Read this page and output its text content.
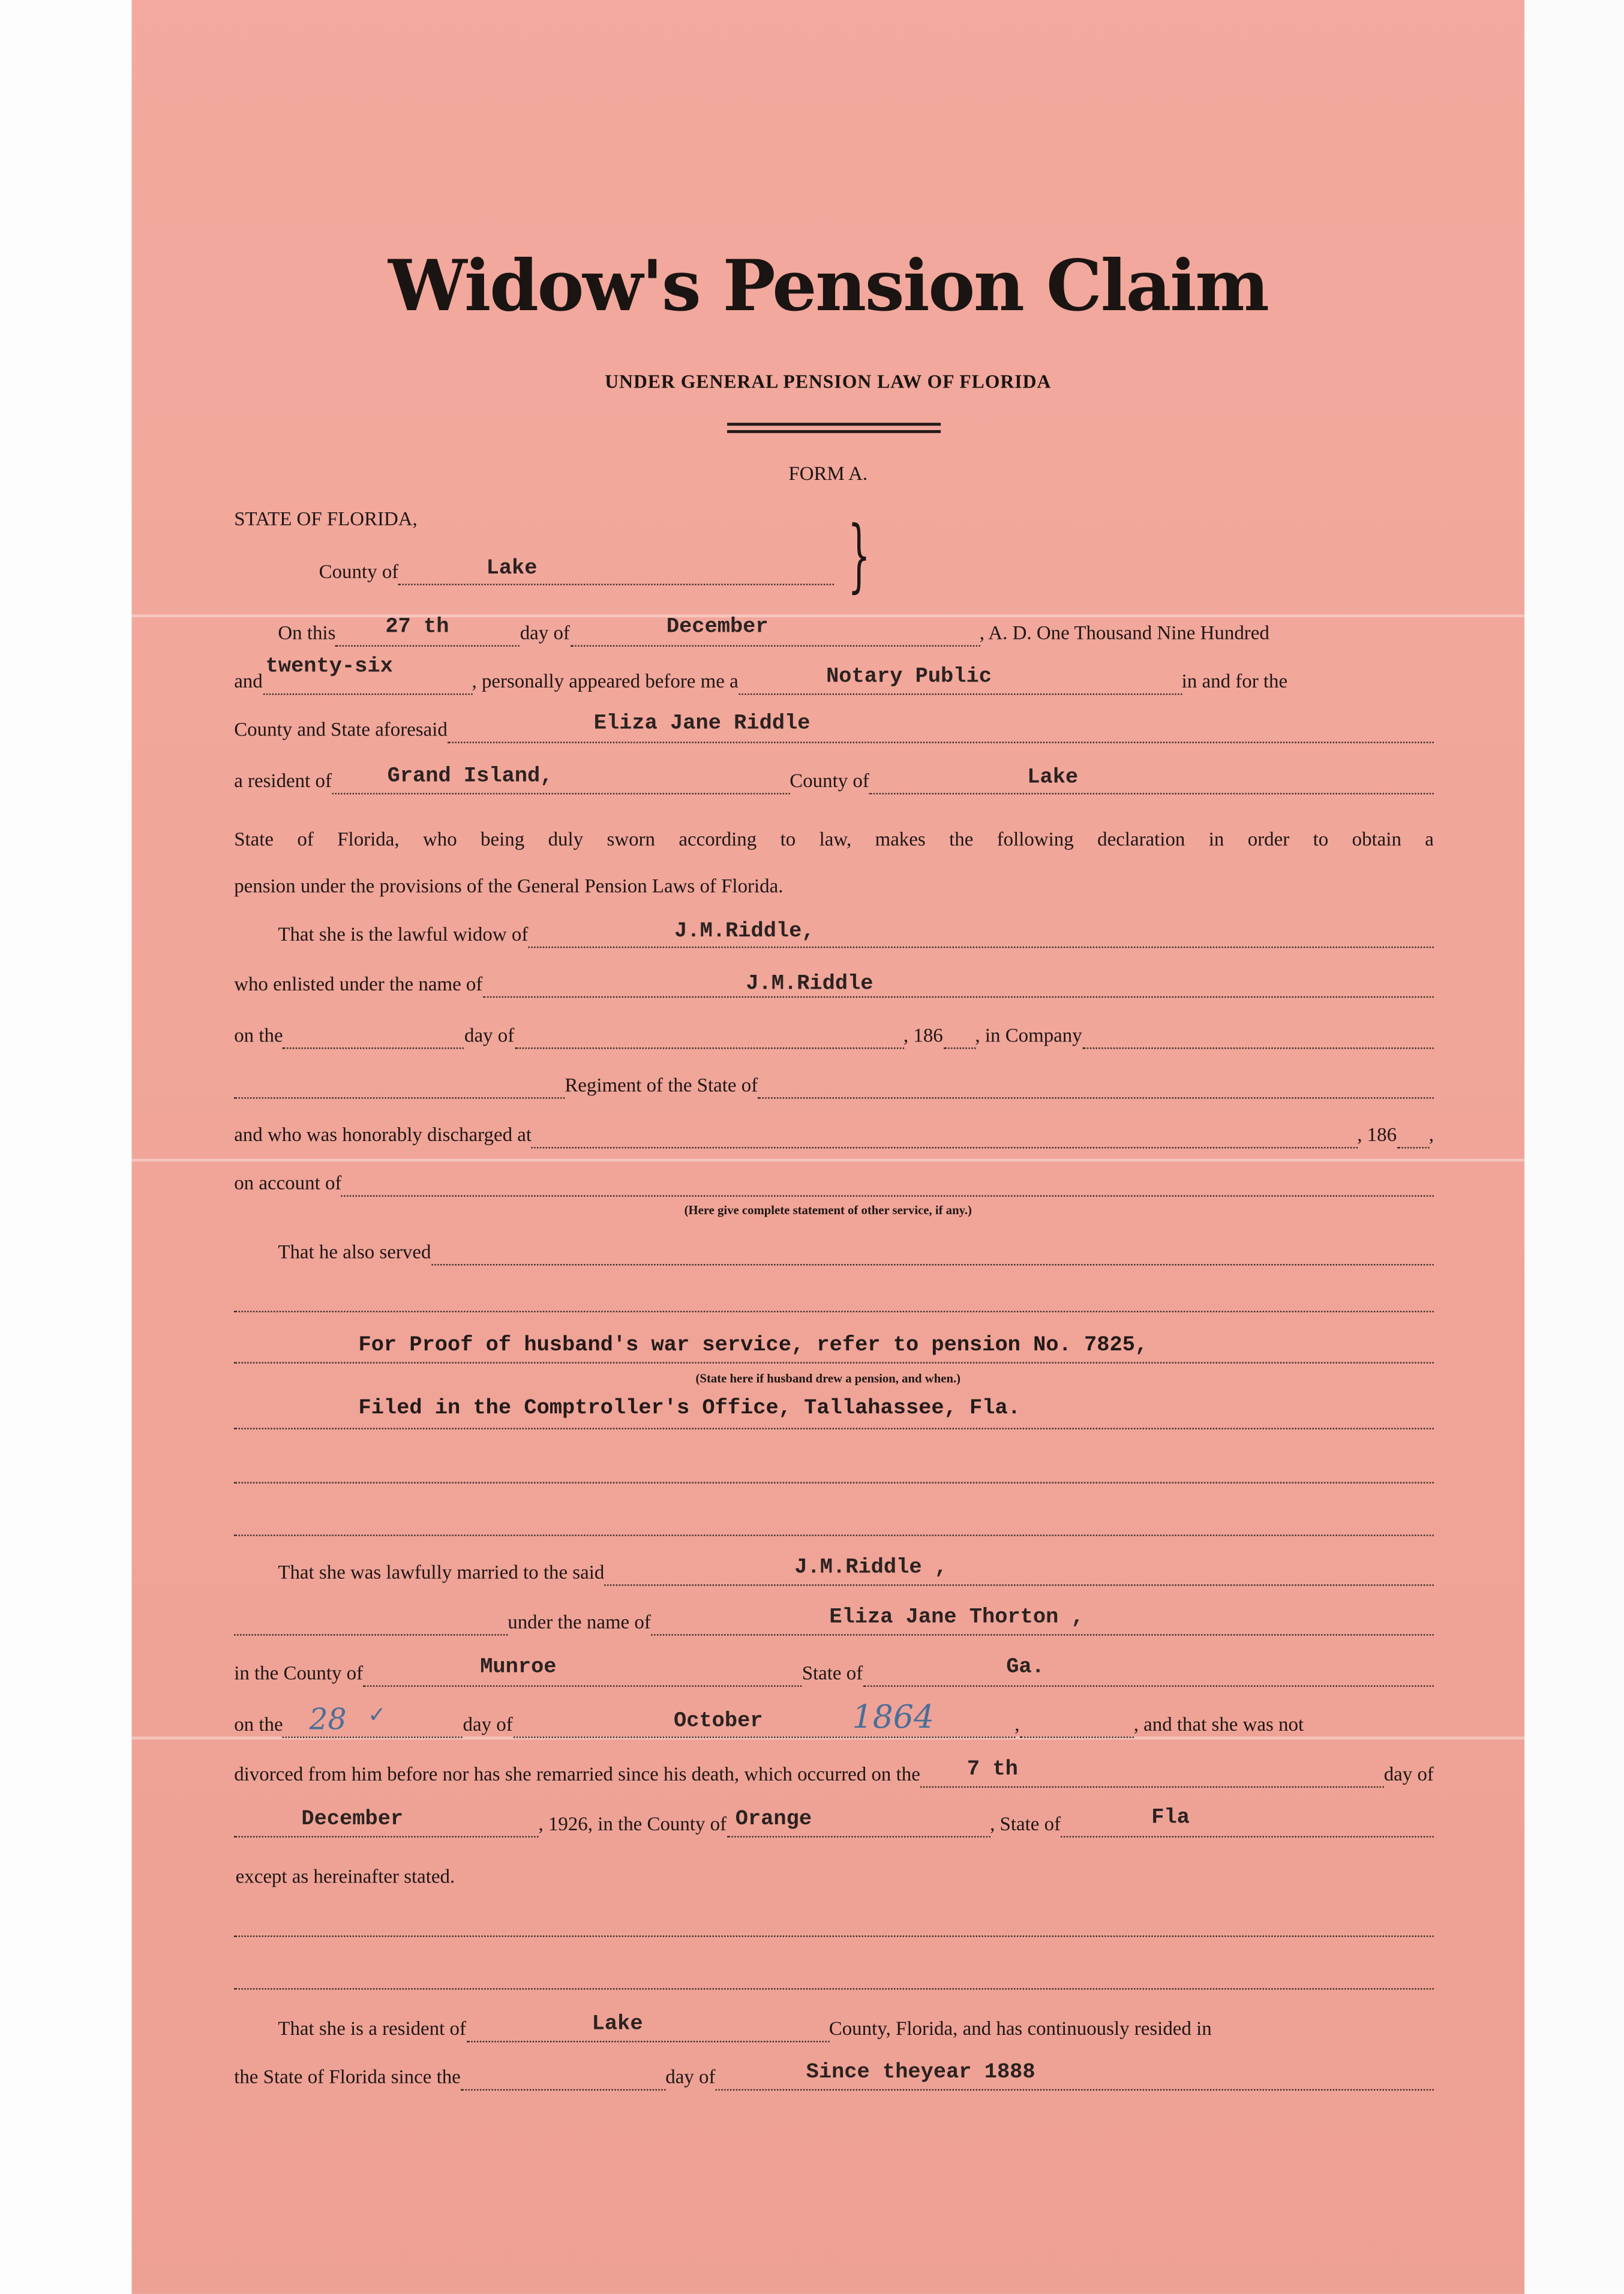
Widow's Pension Claim
UNDER GENERAL PENSION LAW OF FLORIDA
FORM A.
STATE OF FLORIDA,	}
County of	Lake
On this	27 th	day of	December	, A. D. One Thousand Nine Hundred
and
twenty-six
, personally appeared before me a	Notary Public	in and for the
County and State aforesaid	Eliza Jane Riddle
a resident of	Grand Island,	County of	Lake
State of Florida, who being duly sworn according to law, makes the following declaration in order to obtain a
pension under the provisions of the General Pension Laws of Florida.
That she is the lawful widow of	J.M.Riddle,
who enlisted under the name of	J.M.Riddle
on the	day of	, 186	, in Company
Regiment of the State of
and who was honorably discharged at	, 186	,
on account of
(Here give complete statement of other service, if any.)
That he also served
For Proof of husband's war service, refer to pension No. 7825,
(State here if husband drew a pension, and when.)
Filed in the Comptroller's Office, Tallahassee, Fla.
That she was lawfully married to the said	J.M.Riddle ,
under the name of	Eliza Jane Thorton ,
in the County of	Munroe	State of	Ga.
on the 28 ✓	day of	October	1864	,	, and that she was not
divorced from him before nor has she remarried since his death, which occurred on the	7 th	day of
December	, 1926 , in the County of Orange	, State of	Fla
except as hereinafter stated.
That she is a resident of	Lake	County, Florida, and has continuously resided in
the State of Florida since the	day of	Since theyear 1888
